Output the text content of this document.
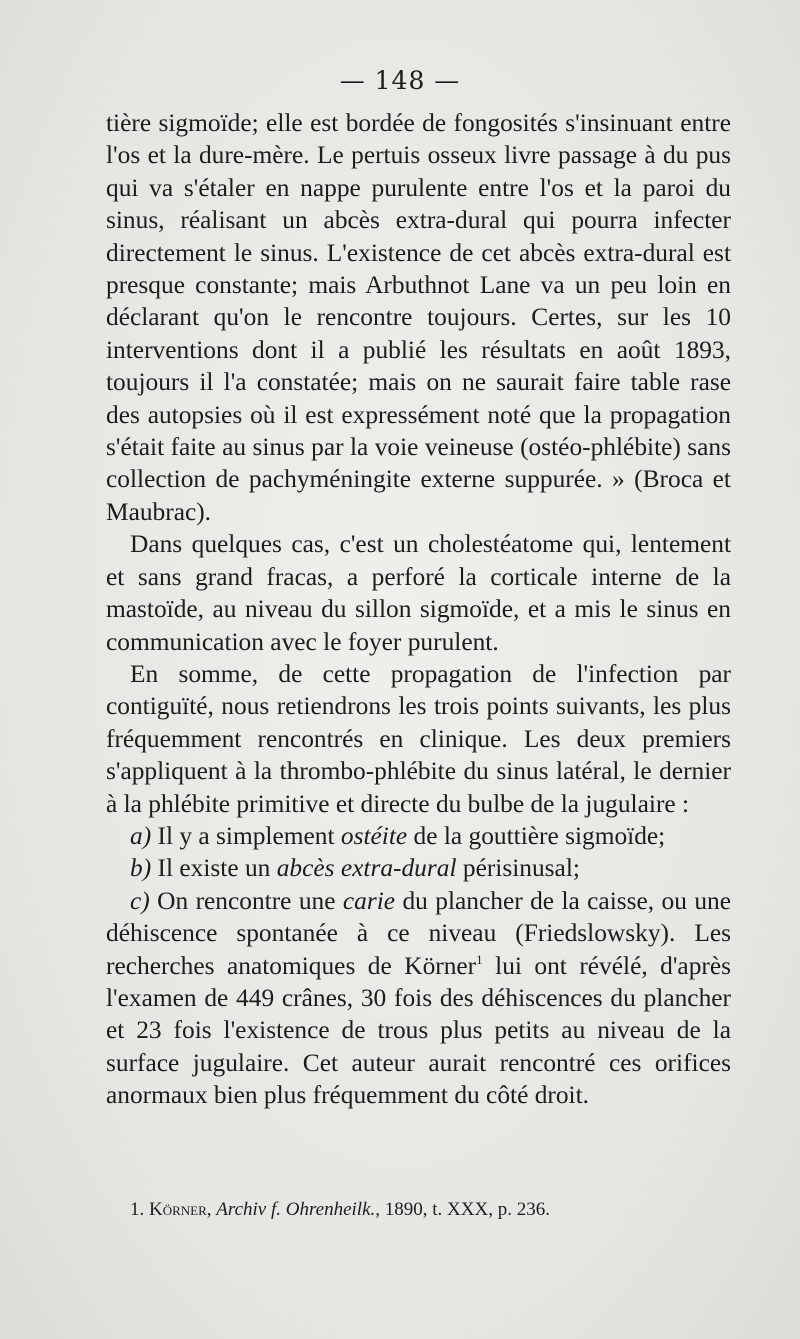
— 148 —

tière sigmoïde; elle est bordée de fongosités s'insinuant entre l'os et la dure-mère. Le pertuis osseux livre passage à du pus qui va s'étaler en nappe purulente entre l'os et la paroi du sinus, réalisant un abcès extra-dural qui pourra infecter directement le sinus. L'existence de cet abcès extra-dural est presque constante; mais Arbuthnot Lane va un peu loin en déclarant qu'on le rencontre toujours. Certes, sur les 10 interventions dont il a publié les résultats en août 1893, toujours il l'a constatée; mais on ne saurait faire table rase des autopsies où il est expressément noté que la propagation s'était faite au sinus par la voie veineuse (ostéo-phlébite) sans collection de pachyméningite externe suppurée. » (Broca et Maubrac).

Dans quelques cas, c'est un cholestéatome qui, lentement et sans grand fracas, a perforé la corticale interne de la mastoïde, au niveau du sillon sigmoïde, et a mis le sinus en communication avec le foyer purulent.

En somme, de cette propagation de l'infection par contiguïté, nous retiendrons les trois points suivants, les plus fréquemment rencontrés en clinique. Les deux premiers s'appliquent à la thrombo-phlébite du sinus latéral, le dernier à la phlébite primitive et directe du bulbe de la jugulaire :

a) Il y a simplement ostéite de la gouttière sigmoïde;

b) Il existe un abcès extra-dural périsinusal;

c) On rencontre une carie du plancher de la caisse, ou une déhiscence spontanée à ce niveau (Friedslowsky). Les recherches anatomiques de Körner$^1$ lui ont révélé, d'après l'examen de 449 crânes, 30 fois des déhiscences du plancher et 23 fois l'existence de trous plus petits au niveau de la surface jugulaire. Cet auteur aurait rencontré ces orifices anormaux bien plus fréquemment du côté droit.

1. Körner, Archiv f. Ohrenheilk., 1890, t. XXX, p. 236.
